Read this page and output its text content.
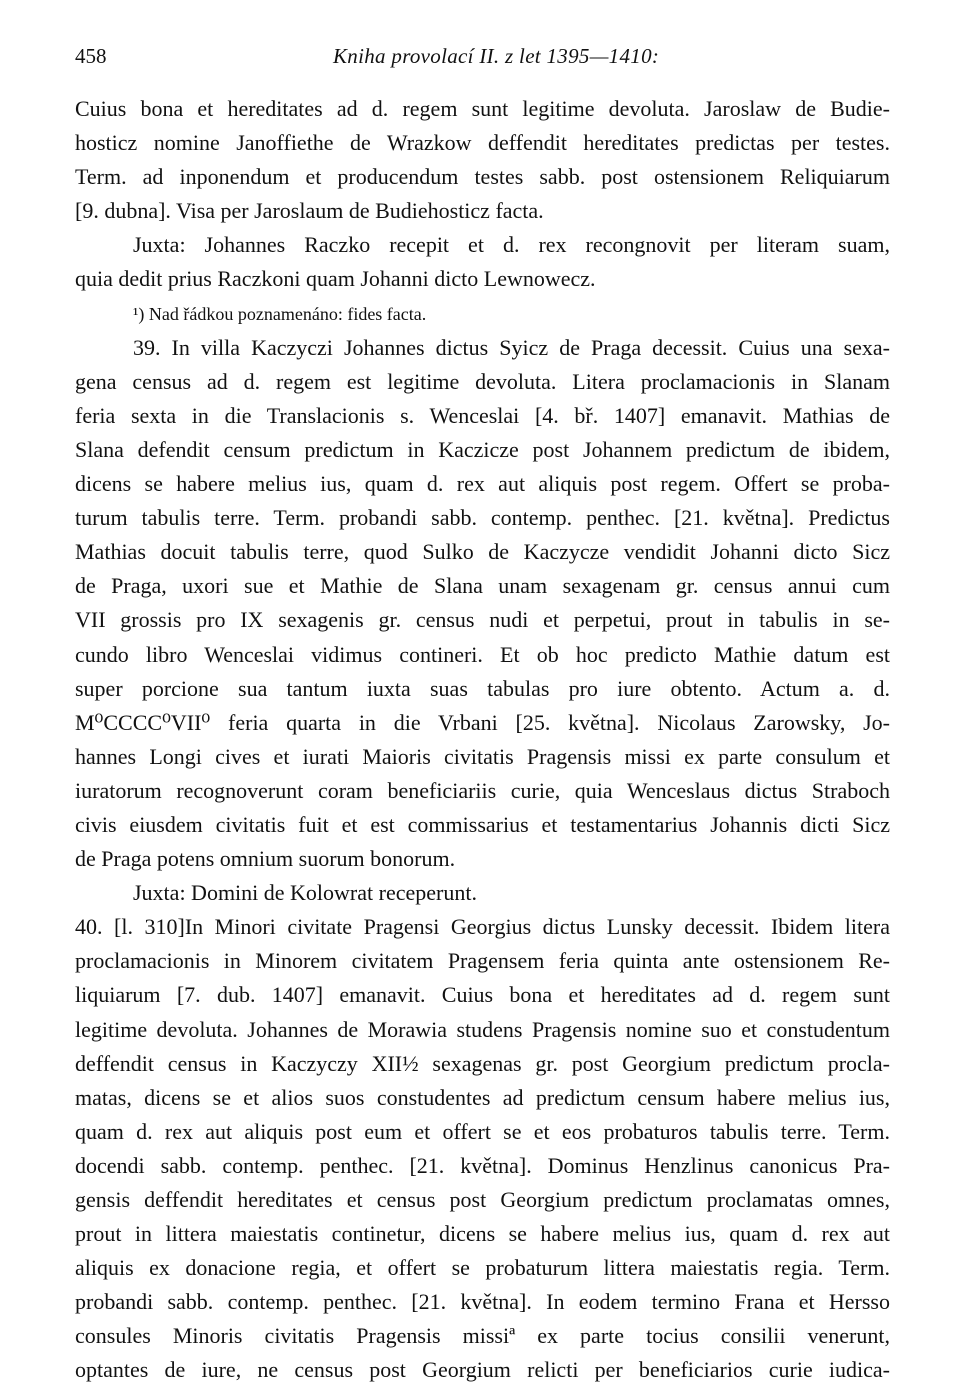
458	Kniha provolací II. z let 1395—1410:
Cuius bona et hereditates ad d. regem sunt legitime devoluta. Jaroslaw de Budie-
hosticz nomine Janoffiethe de Wrazkow deffendit hereditates predictas per testes.
Term. ad inponendum et producendum testes sabb. post ostensionem Reliquiarum
[9. dubna]. Visa per Jaroslaum de Budiehosticz facta.
Juxta: Johannes Raczko recepit et d. rex recongnovit per literam suam,
quia dedit prius Raczkoni quam Johanni dicto Lewnowecz.
¹) Nad řádkou poznamenáno: fides facta.
39. In villa Kaczyczi Johannes dictus Syicz de Praga decessit. Cuius una sexa-
gena census ad d. regem est legitime devoluta. Litera proclamacionis in Slanam
feria sexta in die Translacionis s. Wenceslai [4. bř. 1407] emanavit. Mathias de
Slana defendit censum predictum in Kaczicze post Johannem predictum de ibidem,
dicens se habere melius ius, quam d. rex aut aliquis post regem. Offert se proba-
turum tabulis terre. Term. probandi sabb. contemp. penthec. [21. května]. Predictus
Mathias docuit tabulis terre, quod Sulko de Kaczycze vendidit Johanni dicto Sicz
de Praga, uxori sue et Mathie de Slana unam sexagenam gr. census annui cum
VII grossis pro IX sexagenis gr. census nudi et perpetui, prout in tabulis in se-
cundo libro Wenceslai vidimus contineri. Et ob hoc predicto Mathie datum est
super porcione sua tantum iuxta suas tabulas pro iure obtento. Actum a. d.
M⁰CCCC⁰VII⁰ feria quarta in die Vrbani [25. května]. Nicolaus Zarowsky, Jo-
hannes Longi cives et iurati Maioris civitatis Pragensis missi ex parte consulum et
iuratorum recognoverunt coram beneficiariis curie, quia Wenceslaus dictus Straboch
civis eiusdem civitatis fuit et est commissarius et testamentarius Johannis dicti Sicz
de Praga potens omnium suorum bonorum.
Juxta: Domini de Kolowrat receperunt.
40. [l. 310]In Minori civitate Pragensi Georgius dictus Lunsky decessit. Ibidem litera
proclamacionis in Minorem civitatem Pragensem feria quinta ante ostensionem Re-
liquiarum [7. dub. 1407] emanavit. Cuius bona et hereditates ad d. regem sunt
legitime devoluta. Johannes de Morawia studens Pragensis nomine suo et constudentum
deffendit census in Kaczyczy XII½ sexagenas gr. post Georgium predictum procla-
matas, dicens se et alios suos constudentes ad predictum censum habere melius ius,
quam d. rex aut aliquis post eum et offert se et eos probaturos tabulis terre. Term.
docendi sabb. contemp. penthec. [21. května]. Dominus Henzlinus canonicus Pra-
gensis deffendit hereditates et census post Georgium predictum proclamatas omnes,
prout in littera maiestatis continetur, dicens se habere melius ius, quam d. rex aut
aliquis ex donacione regia, et offert se probaturum littera maiestatis regia. Term.
probandi sabb. contemp. penthec. [21. května]. In eodem termino Frana et Hersso
consules Minoris civitatis Pragensis missiª ex parte tocius consilii venerunt,
optantes de iure, ne census post Georgium relicti per beneficiarios curie iudica-
